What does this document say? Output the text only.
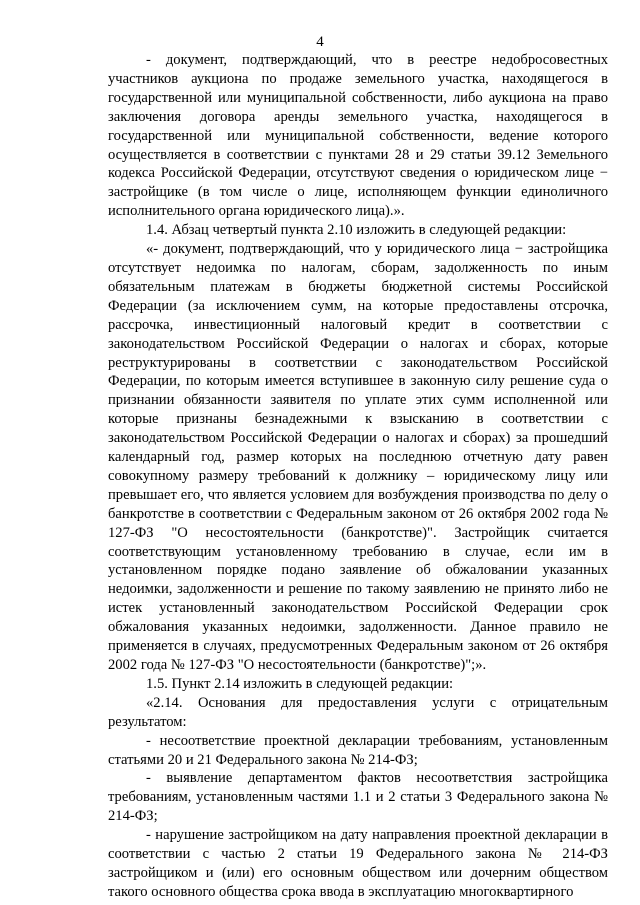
4

- документ, подтверждающий, что в реестре недобросовестных участников аукциона по продаже земельного участка, находящегося в государственной или муниципальной собственности, либо аукциона на право заключения договора аренды земельного участка, находящегося в государственной или муниципальной собственности, ведение которого осуществляется в соответствии с пунктами 28 и 29 статьи 39.12 Земельного кодекса Российской Федерации, отсутствуют сведения о юридическом лице − застройщике (в том числе о лице, исполняющем функции единоличного исполнительного органа юридического лица).».

1.4. Абзац четвертый пункта 2.10 изложить в следующей редакции:

«- документ, подтверждающий, что у юридического лица − застройщика отсутствует недоимка по налогам, сборам, задолженность по иным обязательным платежам в бюджеты бюджетной системы Российской Федерации (за исключением сумм, на которые предоставлены отсрочка, рассрочка, инвестиционный налоговый кредит в соответствии с законодательством Российской Федерации о налогах и сборах, которые реструктурированы в соответствии с законодательством Российской Федерации, по которым имеется вступившее в законную силу решение суда о признании обязанности заявителя по уплате этих сумм исполненной или которые признаны безнадежными к взысканию в соответствии с законодательством Российской Федерации о налогах и сборах) за прошедший календарный год, размер которых на последнюю отчетную дату равен совокупному размеру требований к должнику – юридическому лицу или превышает его, что является условием для возбуждения производства по делу о банкротстве в соответствии с Федеральным законом от 26 октября 2002 года № 127-ФЗ "О несостоятельности (банкротстве)". Застройщик считается соответствующим установленному требованию в случае, если им в установленном порядке подано заявление об обжаловании указанных недоимки, задолженности и решение по такому заявлению не принято либо не истек установленный законодательством Российской Федерации срок обжалования указанных недоимки, задолженности. Данное правило не применяется в случаях, предусмотренных Федеральным законом от 26 октября 2002 года № 127-ФЗ "О несостоятельности (банкротстве)";».

1.5. Пункт 2.14 изложить в следующей редакции:

«2.14. Основания для предоставления услуги с отрицательным результатом:

- несоответствие проектной декларации требованиям, установленным статьями 20 и 21 Федерального закона № 214-ФЗ;

- выявление департаментом фактов несоответствия застройщика требованиям, установленным частями 1.1 и 2 статьи 3 Федерального закона № 214-ФЗ;

- нарушение застройщиком на дату направления проектной декларации в соответствии с частью 2 статьи 19 Федерального закона № 214-ФЗ застройщиком и (или) его основным обществом или дочерним обществом такого основного общества срока ввода в эксплуатацию многоквартирного
